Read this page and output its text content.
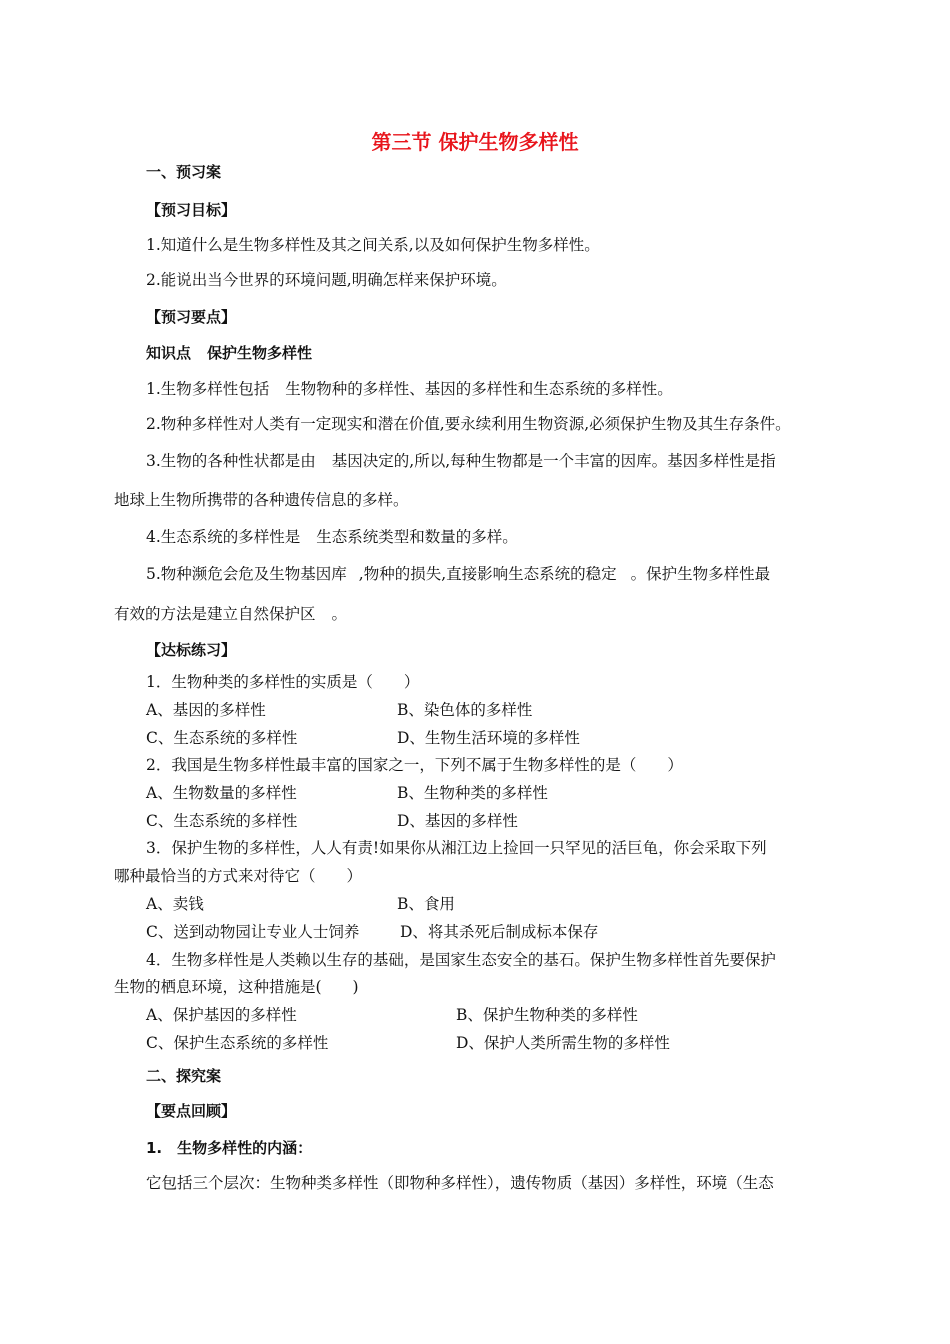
第三节 保护生物多样性
一、预习案
【预习目标】
1.知道什么是生物多样性及其之间关系,以及如何保护生物多样性。
2.能说出当今世界的环境问题,明确怎样来保护环境。
【预习要点】
知识点 保护生物多样性
1.生物多样性包括 生物物种的多样性、基因的多样性和生态系统的多样性。
2.物种多样性对人类有一定现实和潜在价值,要永续利用生物资源,必须保护生物及其生存条件。
3.生物的各种性状都是由 基因决定的,所以,每种生物都是一个丰富的因库。基因多样性是指
地球上生物所携带的各种遗传信息的多样。
4.生态系统的多样性是 生态系统类型和数量的多样。
5.物种濒危会危及生物基因库 ,物种的损失,直接影响生态系统的稳定 。保护生物多样性最
有效的方法是建立自然保护区 。
【达标练习】
1．生物种类的多样性的实质是（　　）
A、基因的多样性	B、染色体的多样性
C、生态系统的多样性	D、生物生活环境的多样性
2．我国是生物多样性最丰富的国家之一，下列不属于生物多样性的是（　　）
A、生物数量的多样性	B、生物种类的多样性
C、生态系统的多样性	D、基因的多样性
3．保护生物的多样性，人人有责!如果你从湘江边上捡回一只罕见的活巨龟，你会采取下列
哪种最恰当的方式来对待它（　　）
A、卖钱	B、食用
C、送到动物园让专业人士饲养	D、将其杀死后制成标本保存
4．生物多样性是人类赖以生存的基础，是国家生态安全的基石。保护生物多样性首先要保护
生物的栖息环境，这种措施是(　　)
A、保护基因的多样性	B、保护生物种类的多样性
C、保护生态系统的多样性	D、保护人类所需生物的多样性
二、探究案
【要点回顾】
1.　生物多样性的内涵：
它包括三个层次：生物种类多样性（即物种多样性），遗传物质（基因）多样性，环境（生态
